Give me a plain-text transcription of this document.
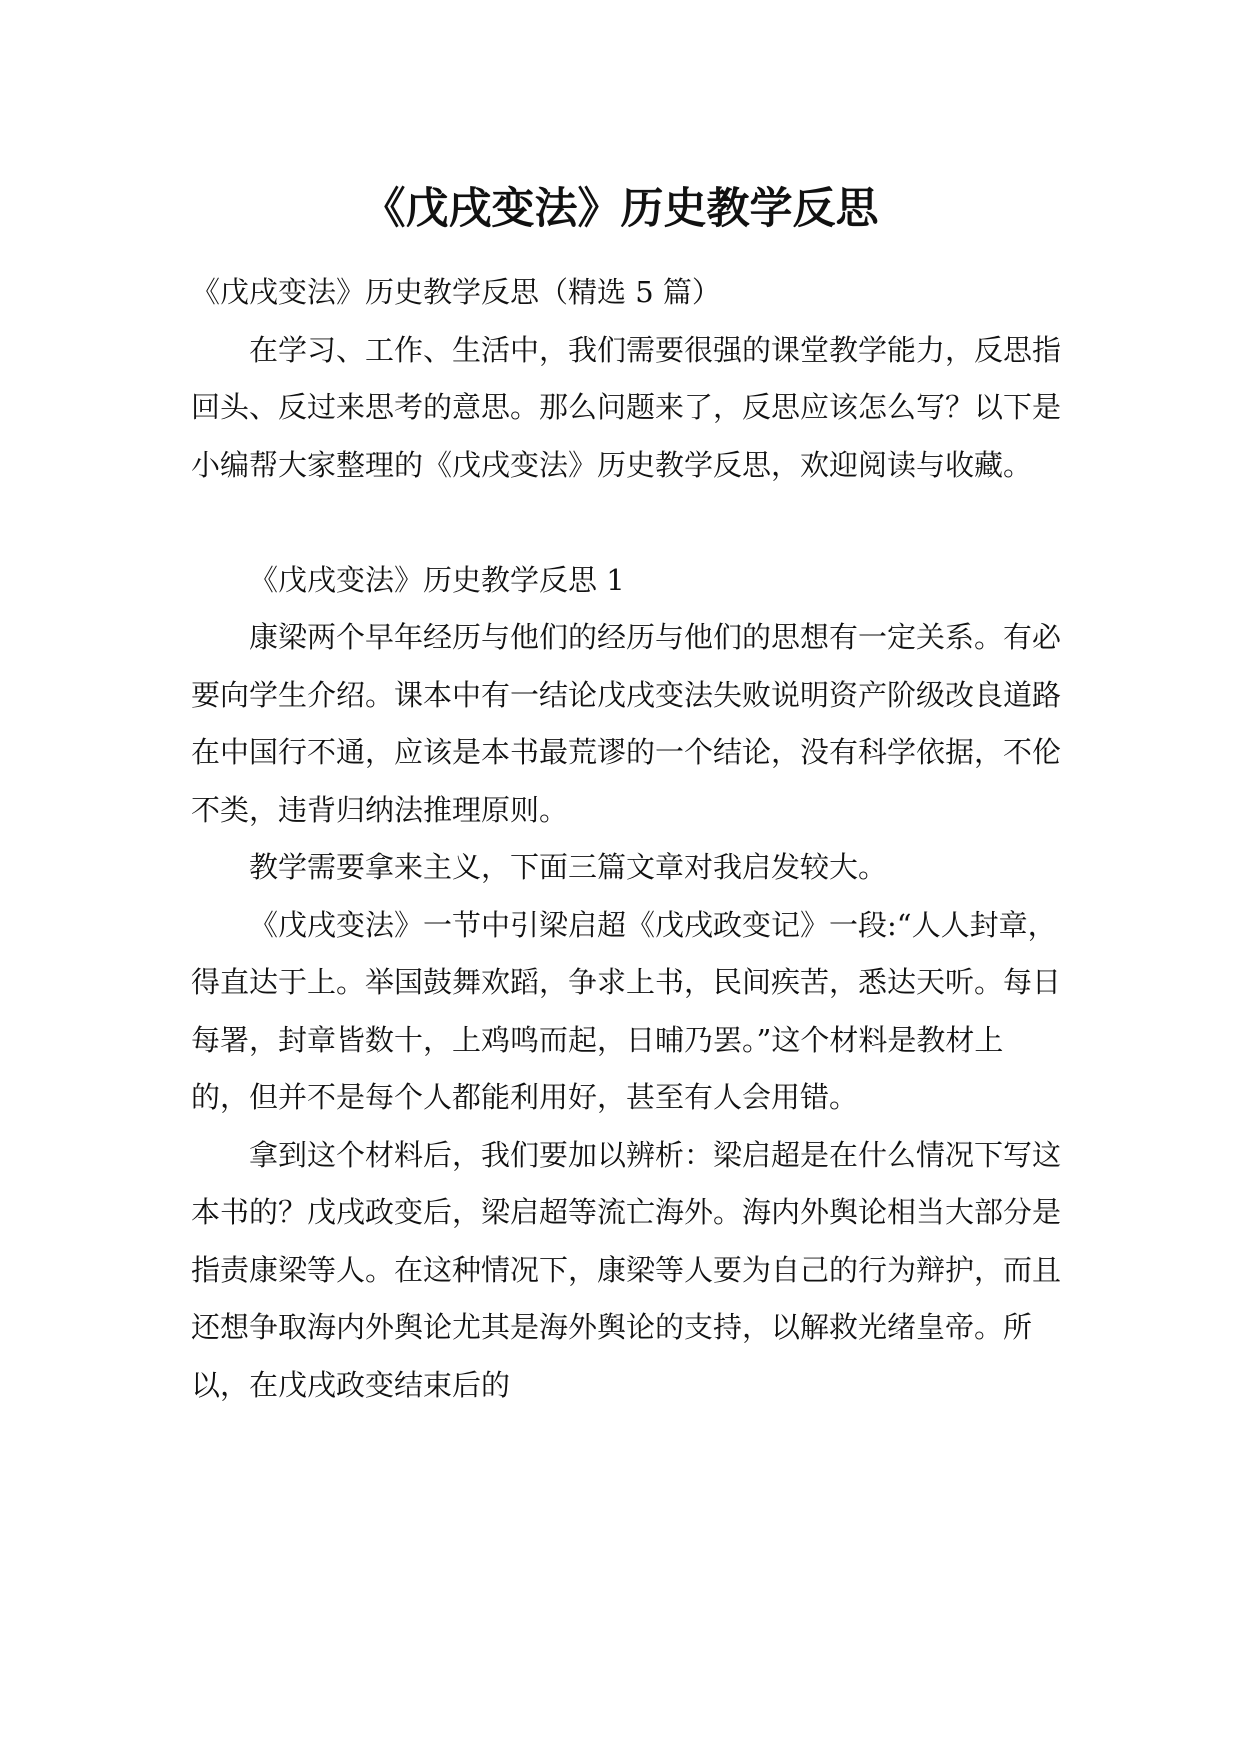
《戊戌变法》历史教学反思

《戊戌变法》历史教学反思（精选 5 篇）

在学习、工作、生活中，我们需要很强的课堂教学能力，反思指回头、反过来思考的意思。那么问题来了，反思应该怎么写？以下是小编帮大家整理的《戊戌变法》历史教学反思，欢迎阅读与收藏。

《戊戌变法》历史教学反思 1

康梁两个早年经历与他们的经历与他们的思想有一定关系。有必要向学生介绍。课本中有一结论戊戌变法失败说明资产阶级改良道路在中国行不通，应该是本书最荒谬的一个结论，没有科学依据，不伦不类，违背归纳法推理原则。

教学需要拿来主义，下面三篇文章对我启发较大。

《戊戌变法》一节中引梁启超《戊戌政变记》一段:“人人封章，得直达于上。举国鼓舞欢蹈，争求上书，民间疾苦，悉达天听。每日每署，封章皆数十，上鸡鸣而起，日晡乃罢。”这个材料是教材上的，但并不是每个人都能利用好，甚至有人会用错。

拿到这个材料后，我们要加以辨析：梁启超是在什么情况下写这本书的？戊戌政变后，梁启超等流亡海外。海内外舆论相当大部分是指责康梁等人。在这种情况下，康梁等人要为自己的行为辩护，而且还想争取海内外舆论尤其是海外舆论的支持，以解救光绪皇帝。所以，在戊戌政变结束后的
